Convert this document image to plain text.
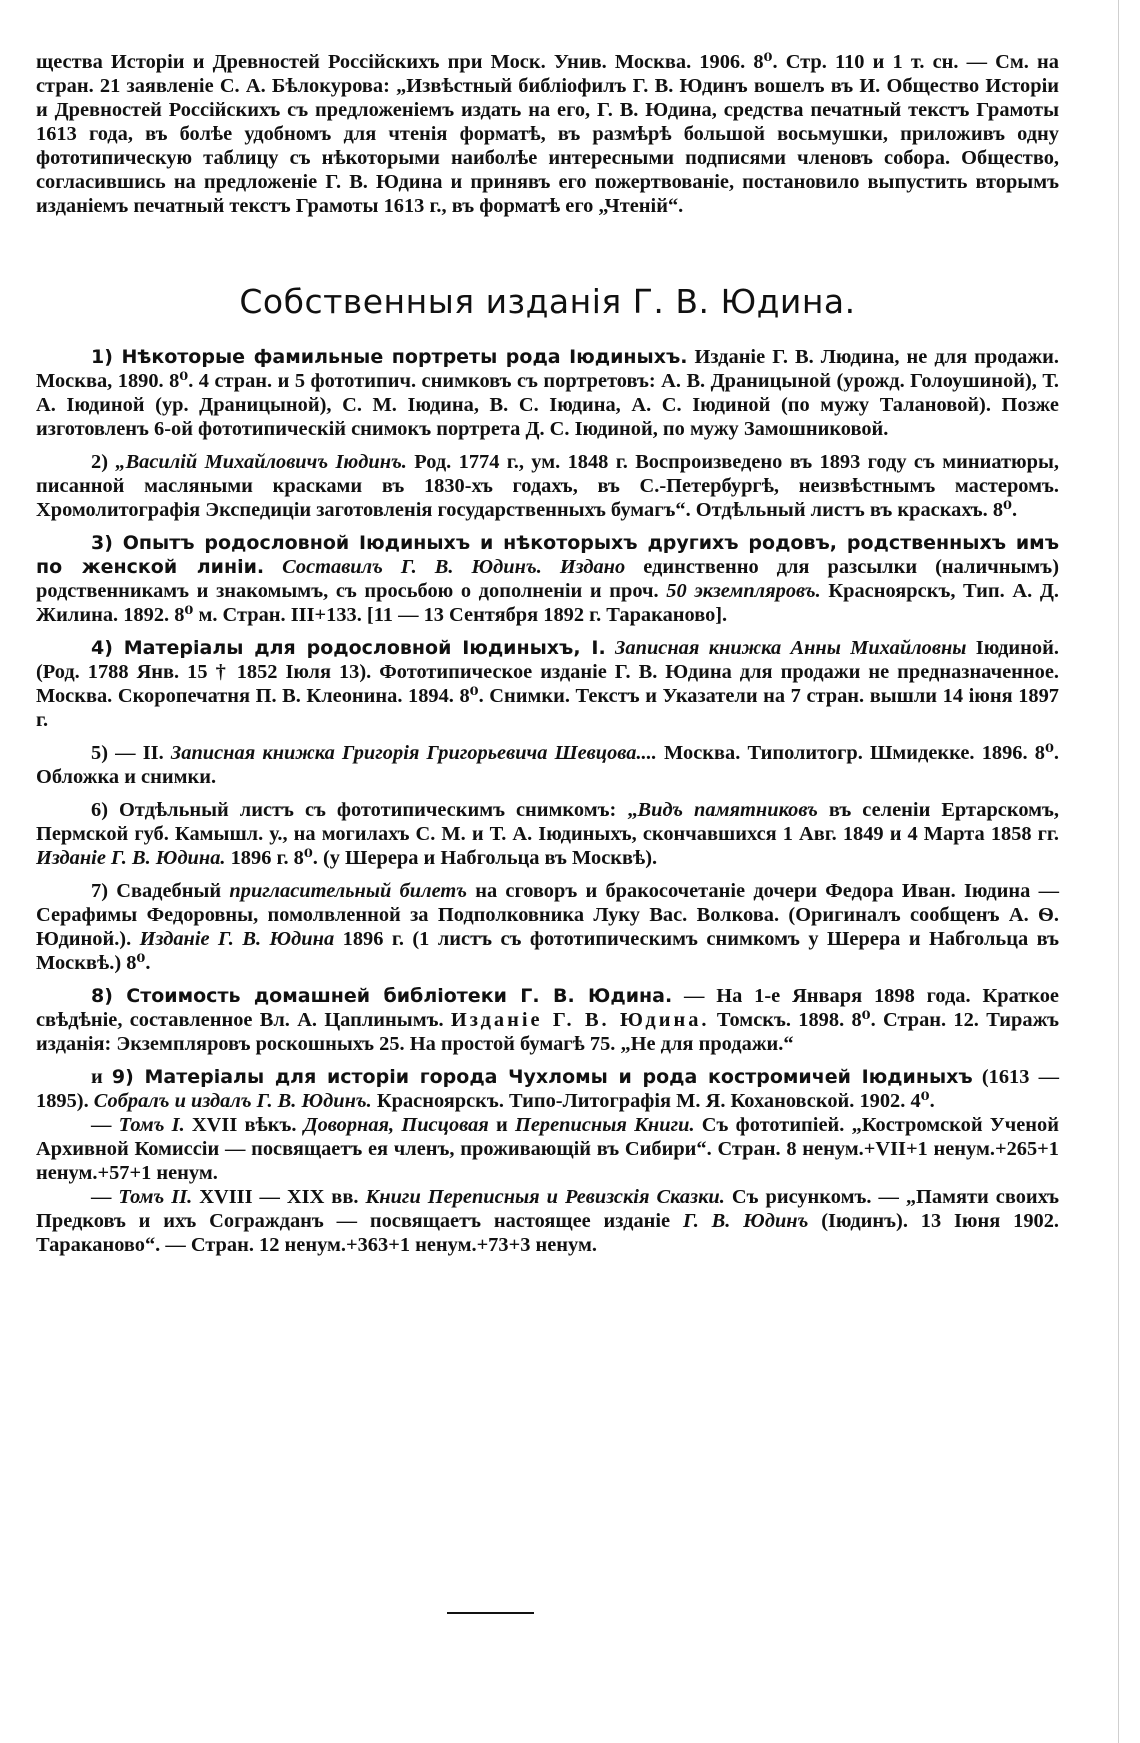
щества Исторiи и Древностей Россiйскихъ при Моск. Унив. Москва. 1906. 8⁰. Стр. 110 и 1 т. сн. — См. на стран. 21 заявленiе С. А. Бѣлокурова: „Извѣстный библiофилъ Г. В. Юдинъ вошелъ въ И. Общество Исторiи и Древностей Россiйскихъ съ предложенiемъ издать на его, Г. В. Юдина, средства печатный текстъ Грамоты 1613 года, въ болѣе удобномъ для чтенiя форматѣ, въ размѣрѣ большой восьмушки, приложивъ одну фототипическую таблицу съ нѣкоторыми наиболѣе интересными подписями членовъ собора. Общество, согласившись на предложенiе Г. В. Юдина и принявъ его пожертвованiе, постановило выпустить вторымъ изданiемъ печатный текстъ Грамоты 1613 г., въ форматѣ его „Чтенiй“.

Собственныя изданiя Г. В. Юдина.

1) Нѣкоторые фамильные портреты рода Iюдиныхъ. Изданiе Г. В. Людина, не для продажи. Москва, 1890. 8⁰. 4 стран. и 5 фототипич. снимковъ съ портретовъ: А. В. Драницыной (урожд. Голоушиной), Т. А. Iюдиной (ур. Драницыной), С. М. Iюдина, В. С. Iюдина, А. С. Iюдиной (по мужу Талановой). Позже изготовленъ 6-ой фототипическiй снимокъ портрета Д. С. Iюдиной, по мужу Замошниковой.

2) „Василiй Михайловичъ Iюдинъ. Род. 1774 г., ум. 1848 г. Воспроизведено въ 1893 году съ миниатюры, писанной масляными красками въ 1830-хъ годахъ, въ С.-Петербургѣ, неизвѣстнымъ мастеромъ. Хромолитографiя Экспедицiи заготовленiя государственныхъ бумагъ“. Отдѣльный листъ въ краскахъ. 8⁰.

3) Опытъ родословной Iюдиныхъ и нѣкоторыхъ другихъ родовъ, родственныхъ имъ по женской линiи. Составилъ Г. В. Юдинъ. Издано единственно для разсылки (наличнымъ) родственникамъ и знакомымъ, съ просьбою о дополненiи и проч. 50 экземпляровъ. Красноярскъ, Тип. А. Д. Жилина. 1892. 8⁰ м. Стран. III+133. [11 — 13 Сентября 1892 г. Тараканово].

4) Матерiалы для родословной Iюдиныхъ, I. Записная книжка Анны Михайловны Iюдиной. (Род. 1788 Янв. 15 † 1852 Iюля 13). Фототипическое изданiе Г. В. Юдина для продажи не предназначенное. Москва. Скоропечатня П. В. Клеонина. 1894. 8⁰. Снимки. Текстъ и Указатели на 7 стран. вышли 14 iюня 1897 г.

5) — II. Записная книжка Григорiя Григорьевича Шевцова.... Москва. Типолитогр. Шмидекке. 1896. 8⁰. Обложка и снимки.

6) Отдѣльный листъ съ фототипическимъ снимкомъ: „Видъ памятниковъ въ селенiи Ертарскомъ, Пермской губ. Камышл. у., на могилахъ С. М. и Т. А. Iюдиныхъ, скончавшихся 1 Авг. 1849 и 4 Марта 1858 гг. Изданiе Г. В. Юдина. 1896 г. 8⁰. (у Шерера и Набгольца въ Москвѣ).

7) Свадебный пригласительный билетъ на сговоръ и бракосочетанiе дочери Федора Иван. Iюдина — Серафимы Федоровны, помолвленной за Подполковника Луку Вас. Волкова. (Оригиналъ сообщенъ А. Ѳ. Юдиной.). Изданiе Г. В. Юдина 1896 г. (1 листъ съ фототипическимъ снимкомъ у Шерера и Набгольца въ Москвѣ.) 8⁰.

8) Стоимость домашней библiотеки Г. В. Юдина. — На 1-е Января 1898 года. Краткое свѣдѣнiе, составленное Вл. А. Цаплинымъ. Изданiе Г. В. Юдина. Томскъ. 1898. 8⁰. Стран. 12. Тиражъ изданiя: Экземпляровъ роскошныхъ 25. На простой бумагѣ 75. „Не для продажи.“

и 9) Матерiалы для исторiи города Чухломы и рода костромичей Iюдиныхъ (1613 — 1895). Собралъ и издалъ Г. В. Юдинъ. Красноярскъ. Типо-Литографiя М. Я. Кохановской. 1902. 4⁰.

— Томъ I. XVII вѣкъ. Доворная, Писцовая и Переписныя Книги. Съ фототипiей. „Костромской Ученой Архивной Комиссiи — посвящаетъ ея членъ, проживающiй въ Сибири“. Стран. 8 ненум.+VII+1 ненум.+265+1 ненум.+57+1 ненум.

— Томъ II. XVIII — XIX вв. Книги Переписныя и Ревизскiя Сказки. Съ рисункомъ. — „Памяти своихъ Предковъ и ихъ Согражданъ — посвящаетъ настоящее изданiе Г. В. Юдинъ (Iюдинъ). 13 Iюня 1902. Тараканово“. — Стран. 12 ненум.+363+1 ненум.+73+3 ненум.
